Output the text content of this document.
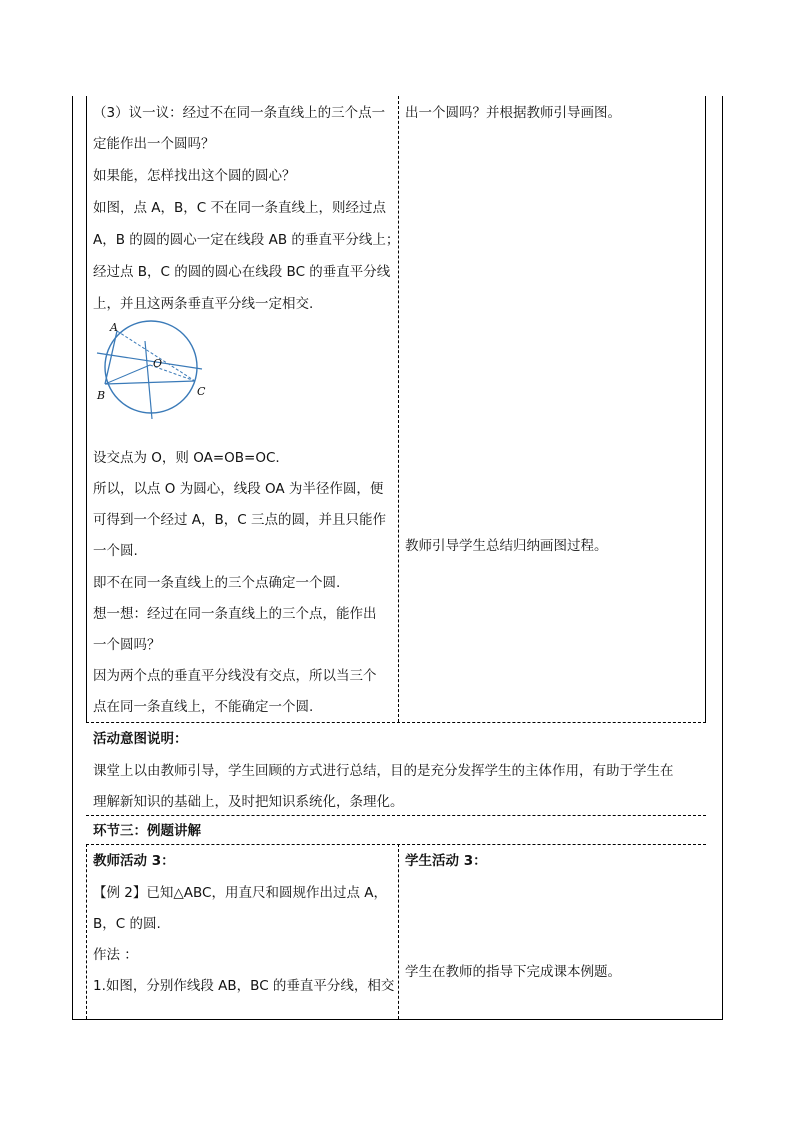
（3）议一议：经过不在同一条直线上的三个点一
定能作出一个圆吗？
如果能，怎样找出这个圆的圆心？
如图，点 A，B，C 不在同一条直线上，则经过点
A，B 的圆的圆心一定在线段 AB 的垂直平分线上；
经过点 B，C 的圆的圆心在线段 BC 的垂直平分线
上，并且这两条垂直平分线一定相交.
A
B	C
O
设交点为 O，则 OA=OB=OC.
所以，以点 O 为圆心，线段 OA 为半径作圆，便
可得到一个经过 A，B，C 三点的圆，并且只能作
一个圆.
即不在同一条直线上的三个点确定一个圆.
想一想：经过在同一条直线上的三个点，能作出
一个圆吗？
因为两个点的垂直平分线没有交点，所以当三个
点在同一条直线上，不能确定一个圆.
出一个圆吗？并根据教师引导画图。
教师引导学生总结归纳画图过程。
活动意图说明：
课堂上以由教师引导，学生回顾的方式进行总结，目的是充分发挥学生的主体作用，有助于学生在
理解新知识的基础上，及时把知识系统化，条理化。
环节三：例题讲解
教师活动 3：
【例 2】已知△ABC，用直尺和圆规作出过点 A，
B，C 的圆.
作法 ：
1.如图，分别作线段 AB，BC 的垂直平分线，相交
学生活动 3：
学生在教师的指导下完成课本例题。
